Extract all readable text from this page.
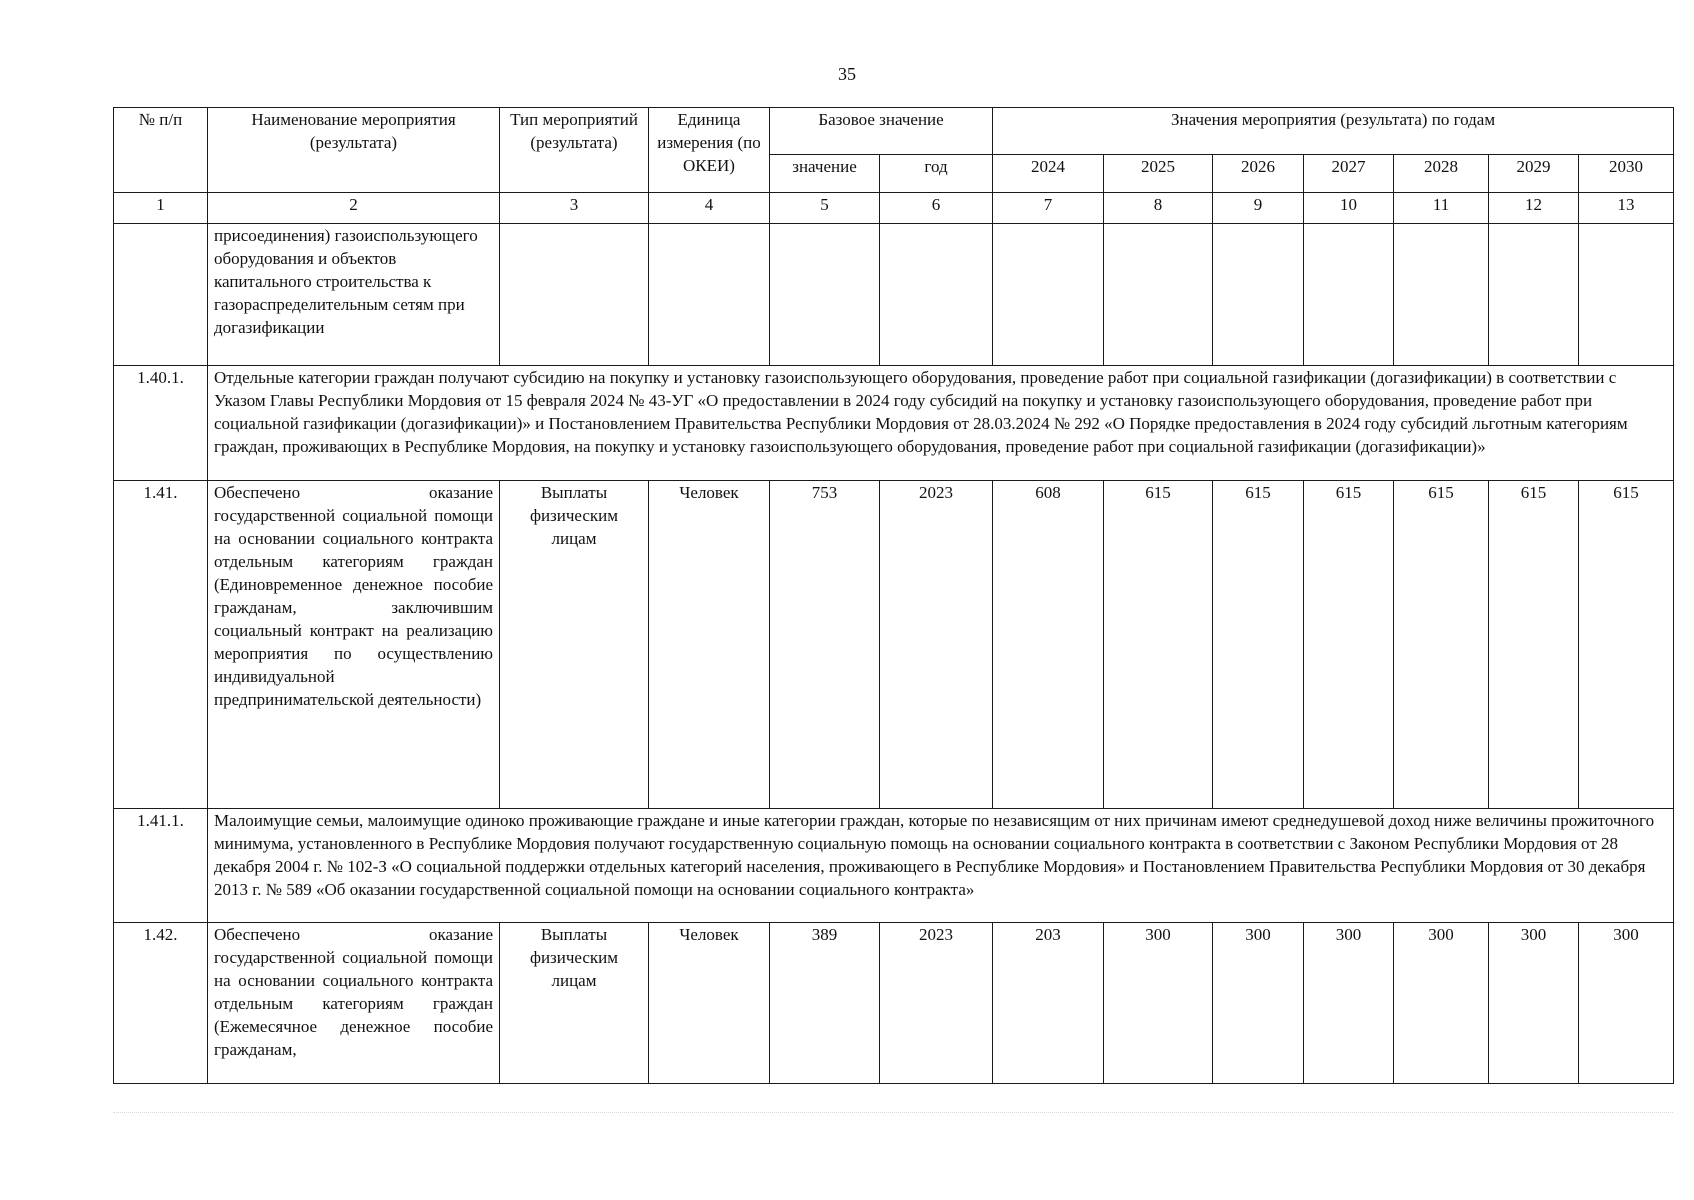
35
№ п/п	Наименование мероприятия (результата)	Тип мероприятий (результата)	Единица измерения (по ОКЕИ)	Базовое значение		Значения мероприятия (результата) по годам						
				значение	год	2024	2025	2026	2027	2028	2029	2030
1	2	3	4	5	6	7	8	9	10	11	12	13
	присоединения) газоиспользующего оборудования и объектов капитального строительства к газораспределительным сетям при догазификации											
1.40.1.	Отдельные категории граждан получают субсидию на покупку и установку газоиспользующего оборудования, проведение работ при социальной газификации (догазификации) в соответствии с Указом Главы Республики Мордовия от 15 февраля 2024 № 43-УГ «О предоставлении в 2024 году субсидий на покупку и установку газоиспользующего оборудования, проведение работ при социальной газификации (догазификации)» и Постановлением Правительства Республики Мордовия от 28.03.2024 № 292 «О Порядке предоставления в 2024 году субсидий льготным категориям граждан, проживающих в Республике Мордовия, на покупку и установку газоиспользующего оборудования, проведение работ при социальной газификации (догазификации)»											
1.41.	Обеспечено оказание государственной социальной помощи на основании социального контракта отдельным категориям граждан (Единовременное денежное пособие гражданам, заключившим социальный контракт на реализацию мероприятия по осуществлению индивидуальной предпринимательской деятельности)	Выплаты физическим лицам	Человек	753	2023	608	615	615	615	615	615	615
1.41.1.	Малоимущие семьи, малоимущие одиноко проживающие граждане и иные категории граждан, которые по независящим от них причинам имеют среднедушевой доход ниже величины прожиточного минимума, установленного в Республике Мордовия получают государственную социальную помощь на основании социального контракта в соответствии с Законом Республики Мордовия от 28 декабря 2004 г. № 102-З «О социальной поддержки отдельных категорий населения, проживающего в Республике Мордовия» и Постановлением Правительства Республики Мордовия от 30 декабря 2013 г. № 589 «Об оказании государственной социальной помощи на основании социального контракта»											
1.42.	Обеспечено оказание государственной социальной помощи на основании социального контракта отдельным категориям граждан (Ежемесячное денежное пособие гражданам,	Выплаты физическим лицам	Человек	389	2023	203	300	300	300	300	300	300
